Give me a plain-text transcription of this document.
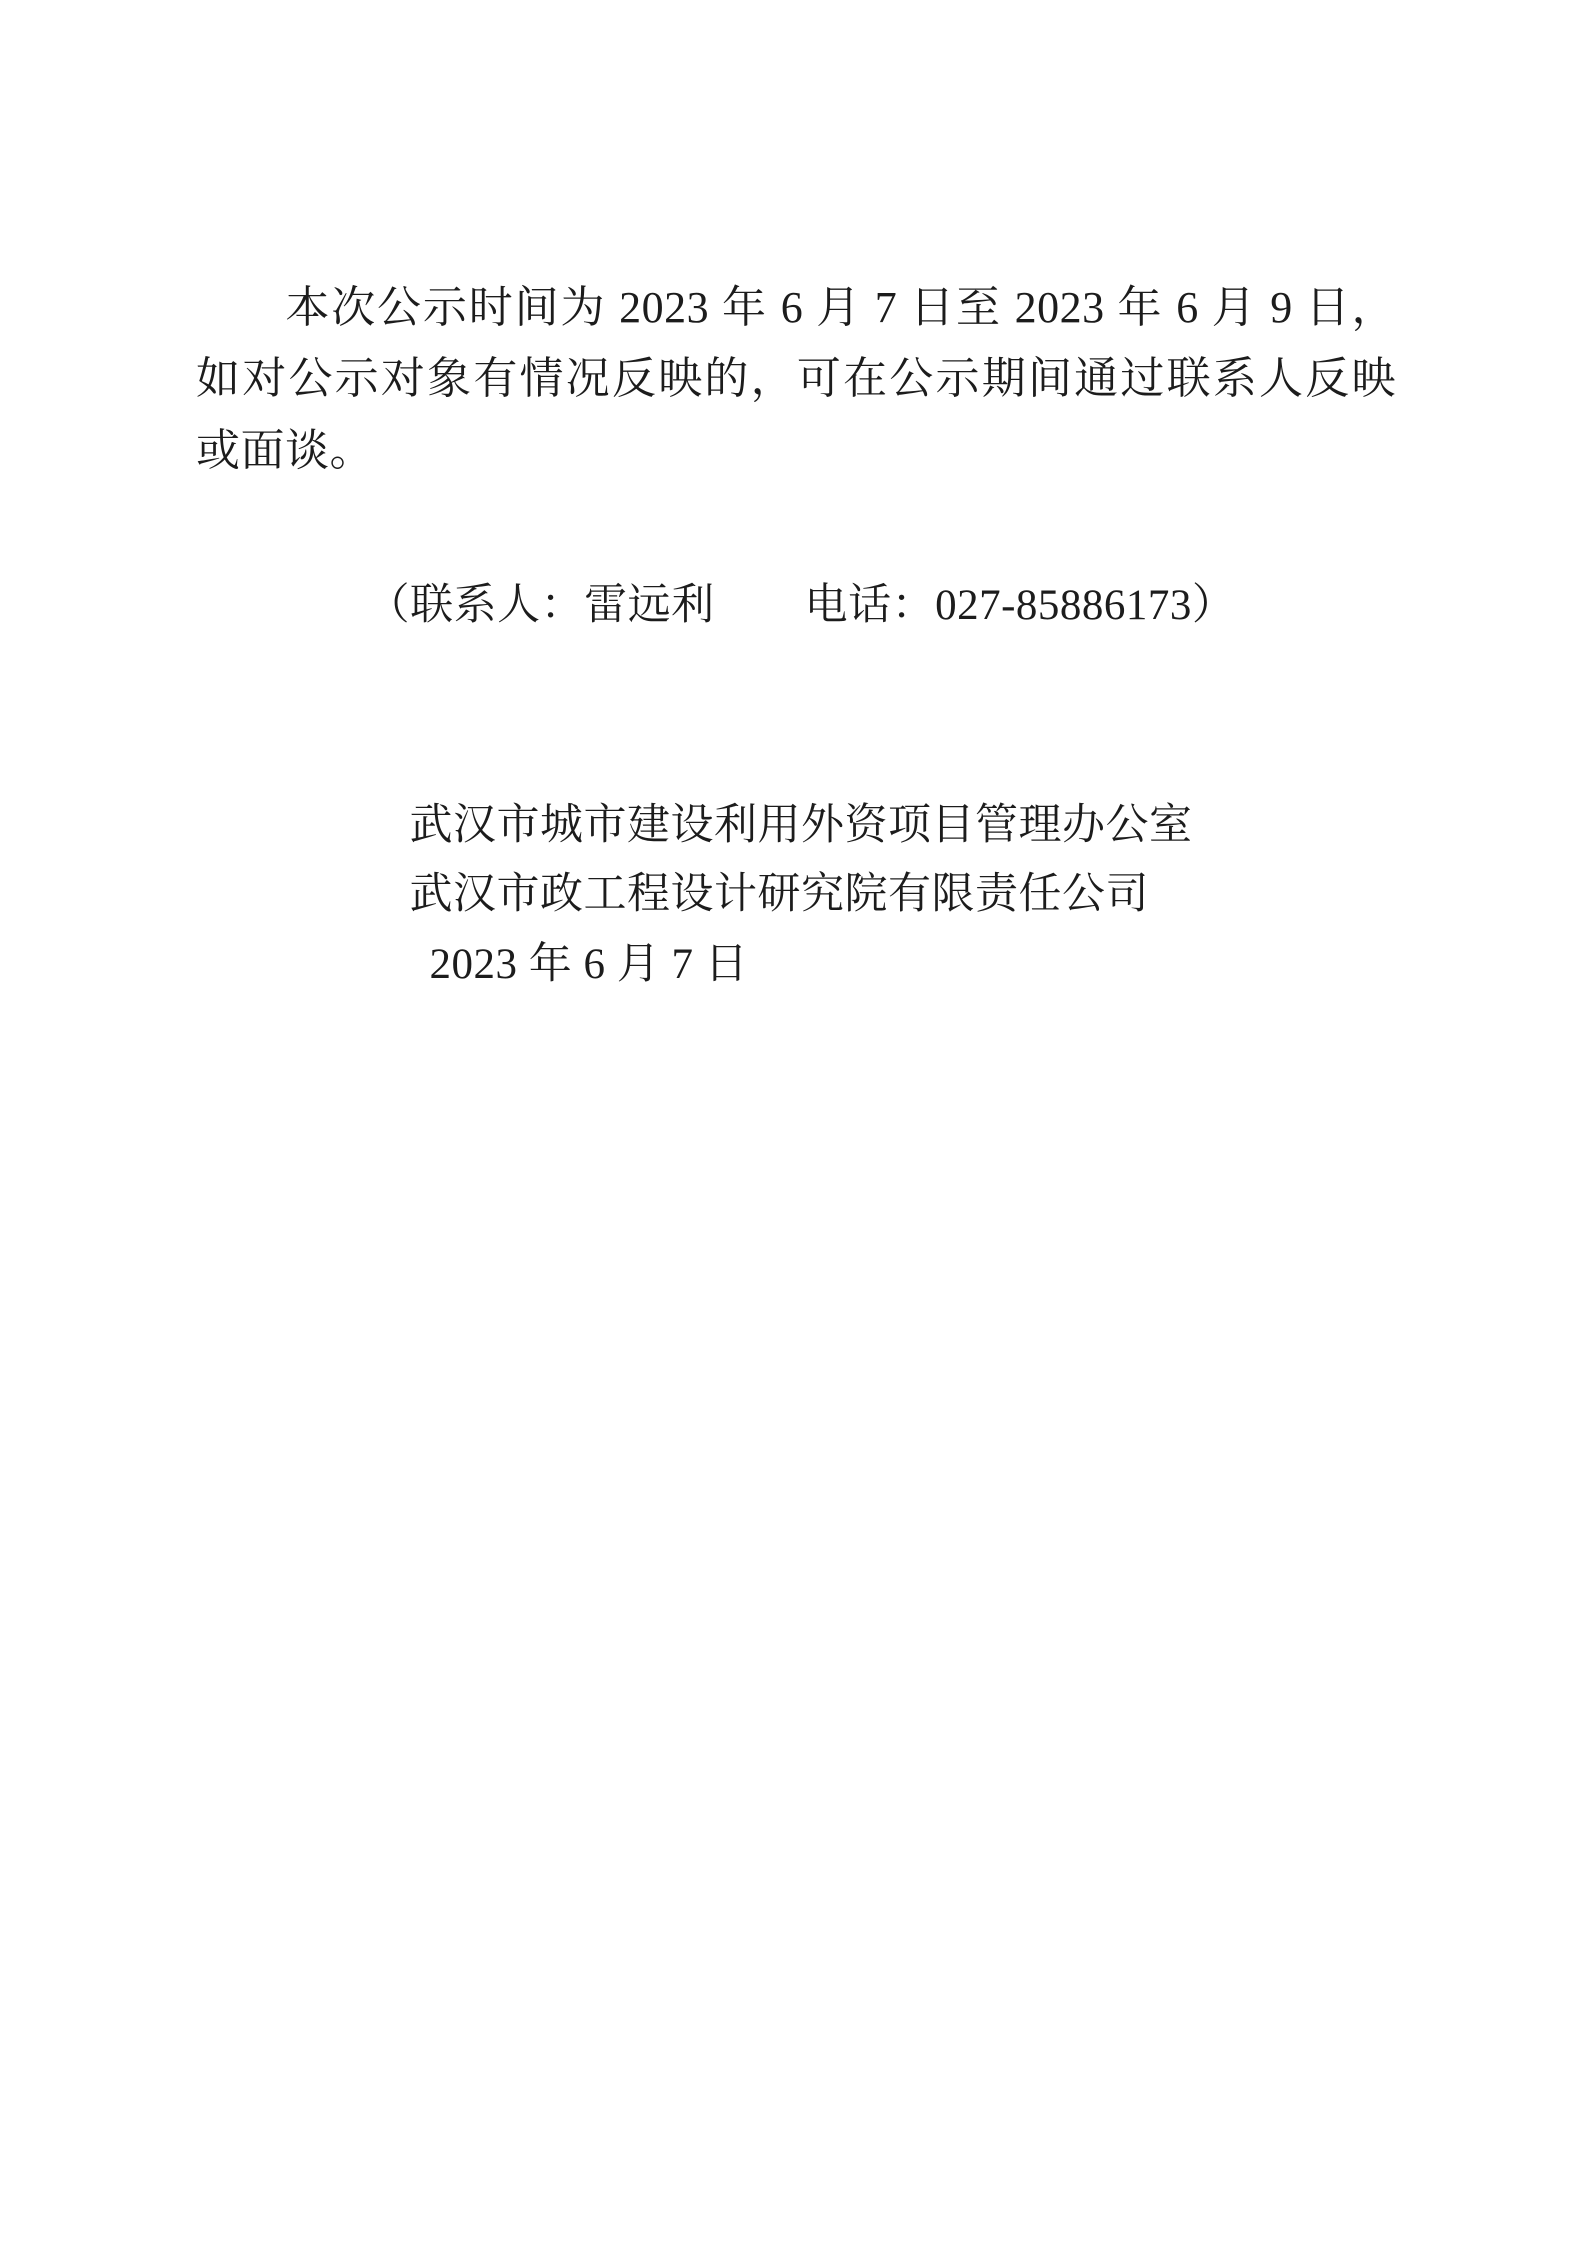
本次公示时间为 2023 年 6 月 7 日至 2023 年 6 月 9 日，如对公示对象有情况反映的，可在公示期间通过联系人反映或面谈。
（联系人：雷远利 电话：027-85886173）
武汉市城市建设利用外资项目管理办公室
武汉市政工程设计研究院有限责任公司
2023 年 6 月 7 日
